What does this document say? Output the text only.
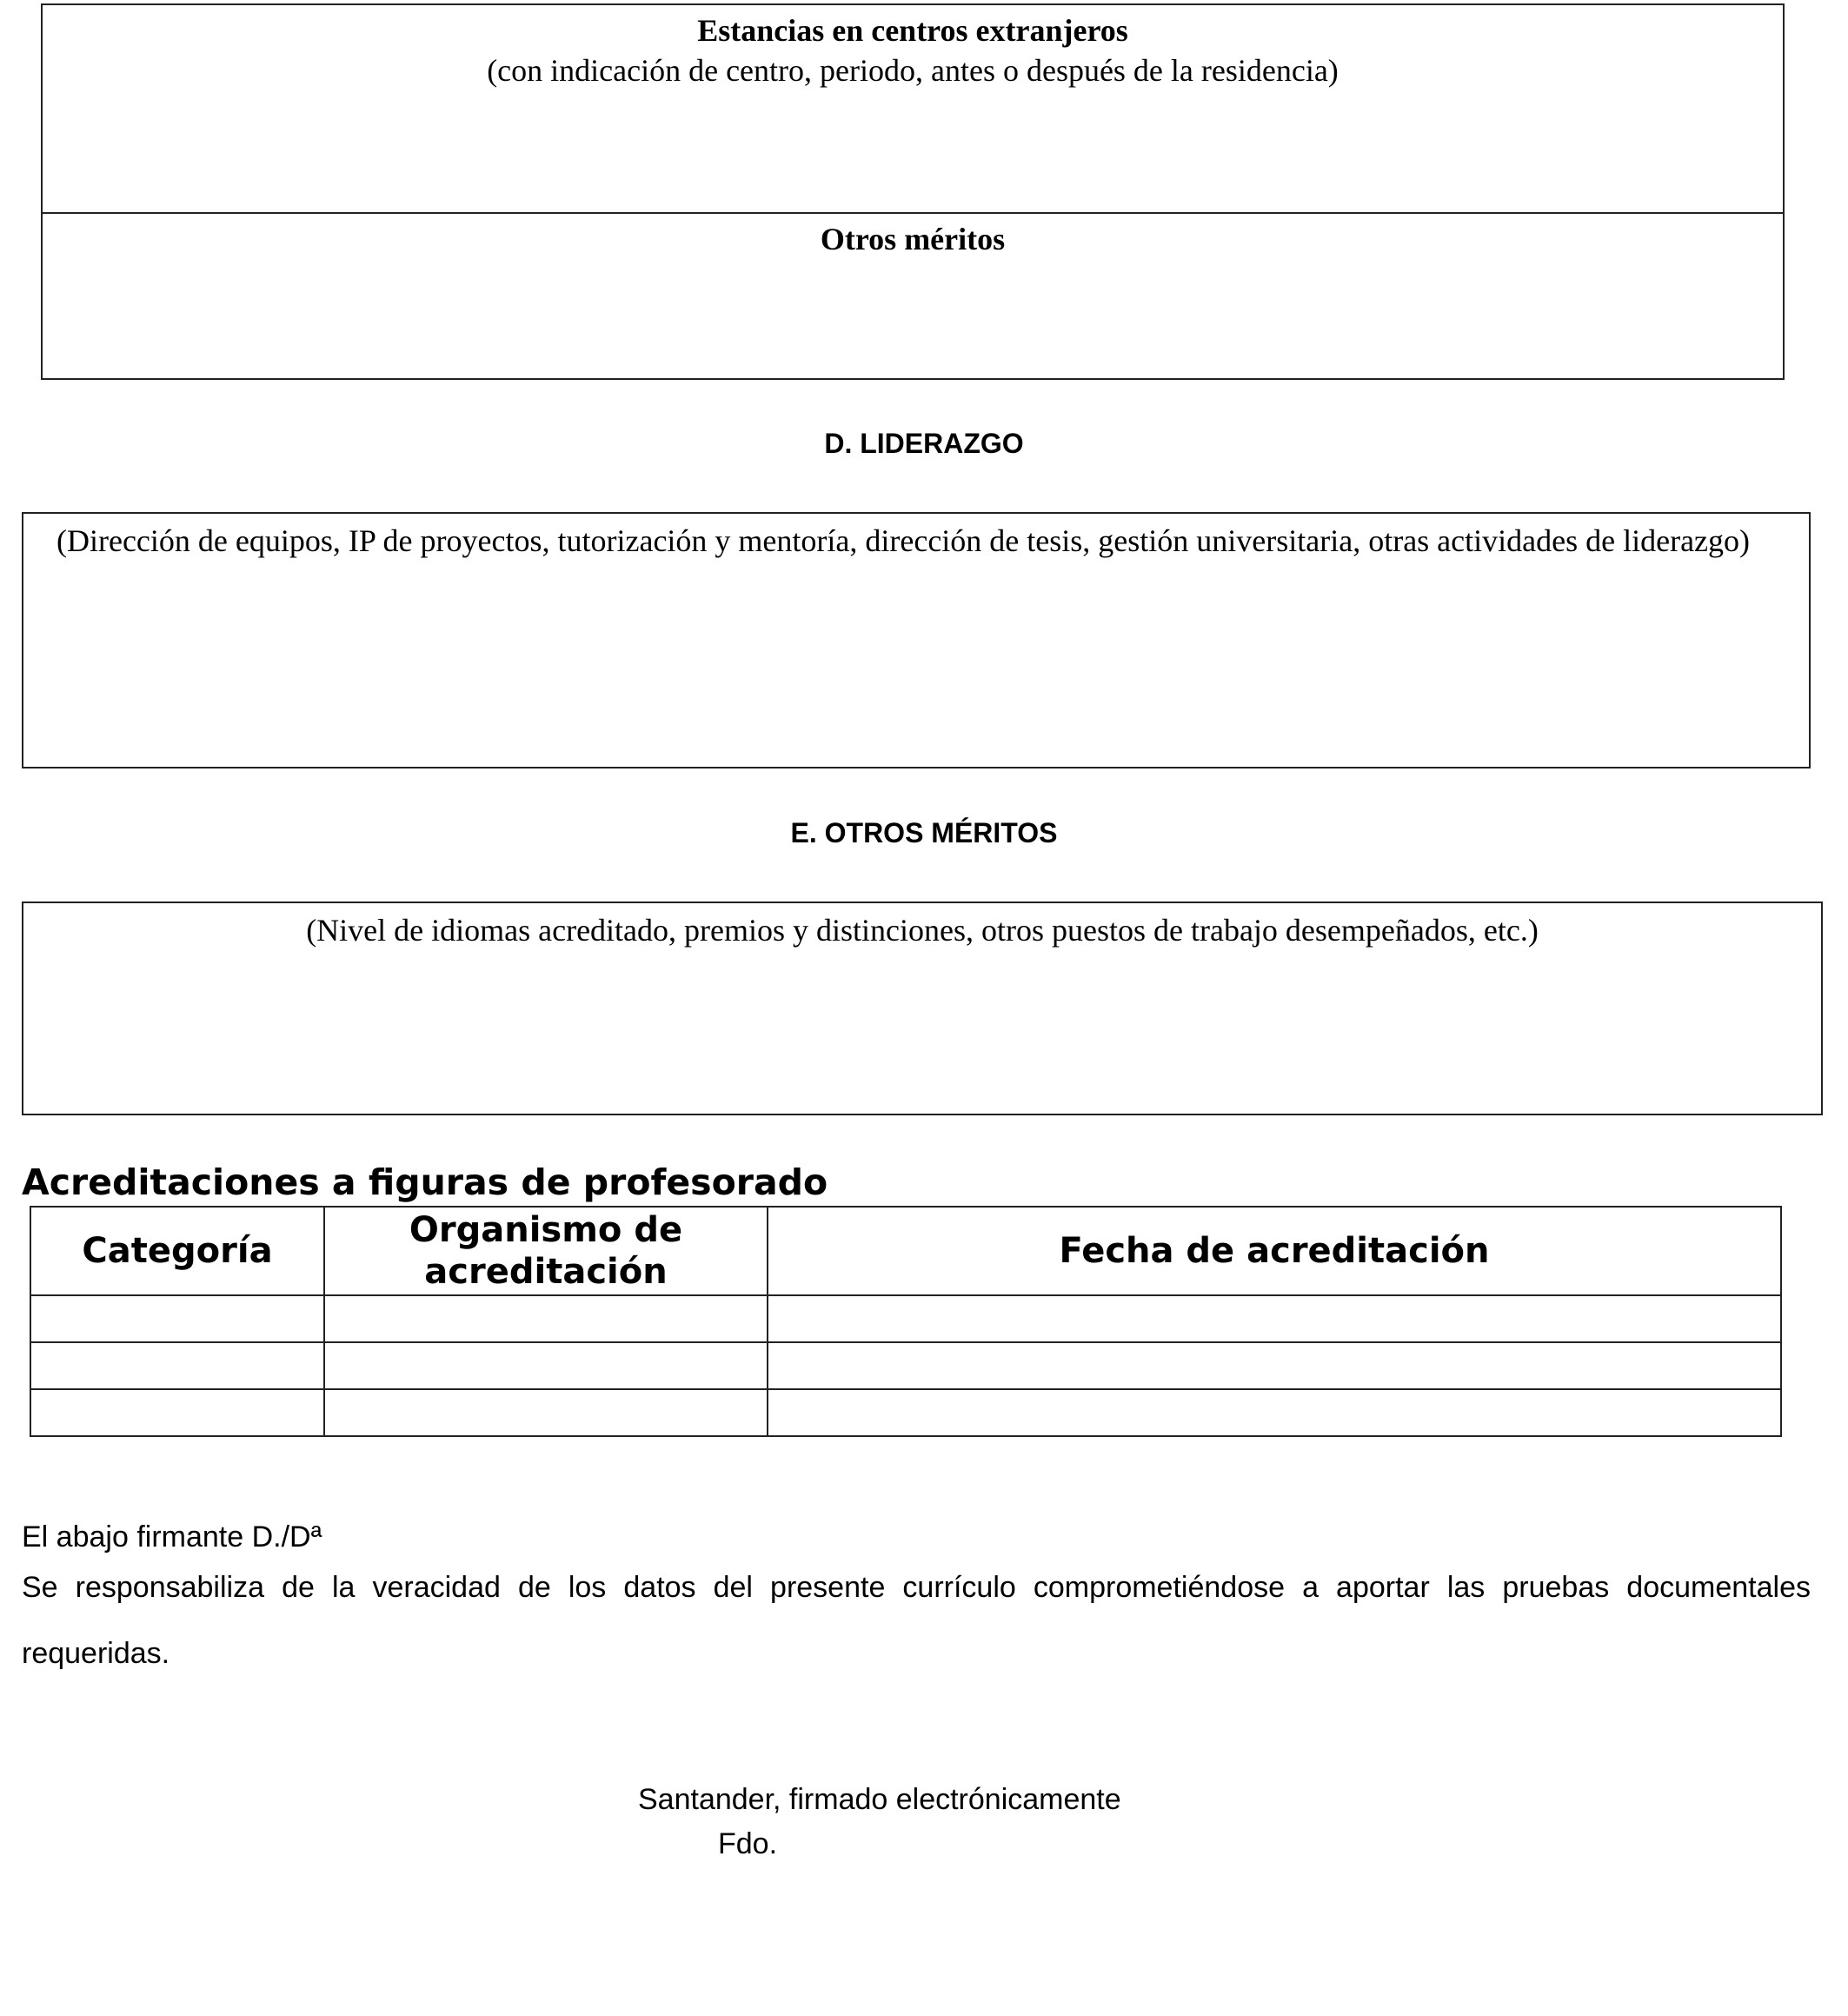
Estancias en centros extranjeros
(con indicación de centro, periodo, antes o después de la residencia)
Otros méritos
D. LIDERAZGO
(Dirección de equipos, IP de proyectos, tutorización y mentoría, dirección de tesis, gestión universitaria, otras actividades de liderazgo)
E. OTROS MÉRITOS
(Nivel de idiomas acreditado, premios y distinciones, otros puestos de trabajo desempeñados, etc.)
Acreditaciones a figuras de profesorado
Categoría	Organismo de acreditación	Fecha de acreditación

El abajo firmante D./Dª
Se responsabiliza de la veracidad de los datos del presente currículo comprometiéndose a aportar las pruebas documentales requeridas.
Santander, firmado electrónicamente
Fdo.
